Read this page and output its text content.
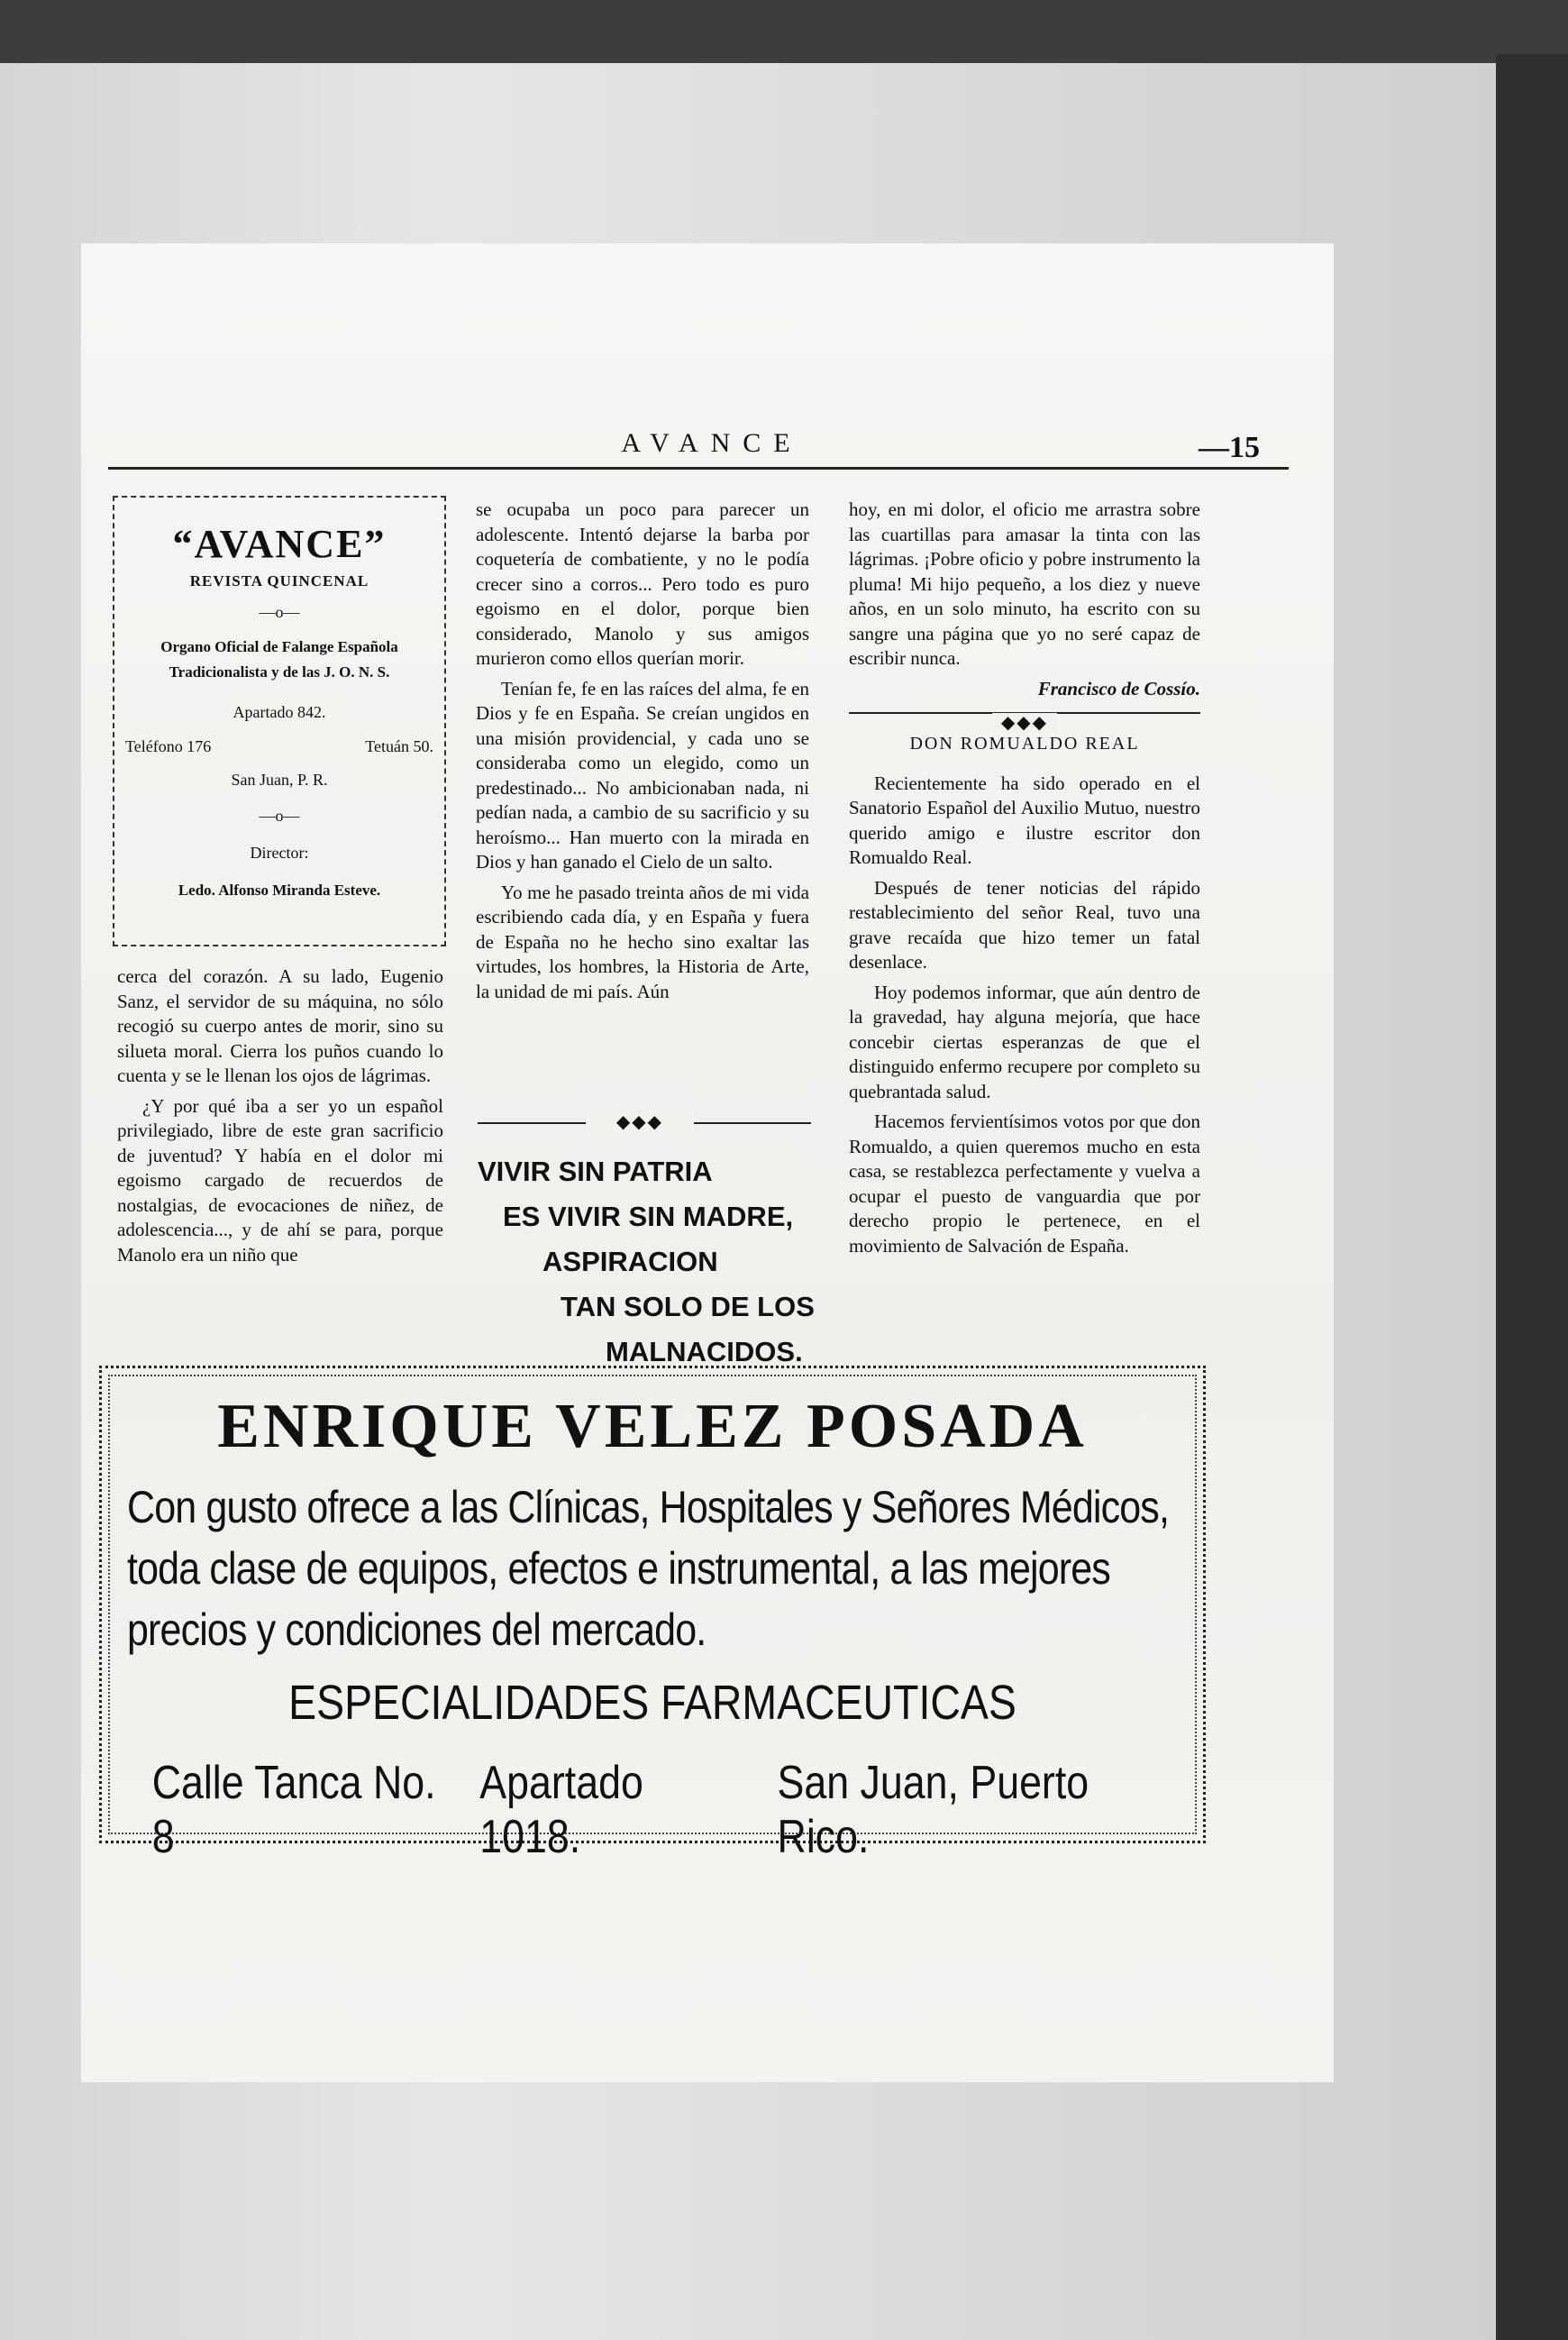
AVANCE	—15
“AVANCE”
REVISTA QUINCENAL
—o—
Organo Oficial de Falange Española
Tradicionalista y de las J. O. N. S.
Apartado 842.
Teléfono 176	Tetuán 50.
San Juan, P. R.
—o—
Director:
Ledo. Alfonso Miranda Esteve.

cerca del corazón. A su lado, Eugenio Sanz, el servidor de su máquina, no sólo recogió su cuerpo antes de morir, sino su silueta moral. Cierra los puños cuando lo cuenta y se le llenan los ojos de lágrimas.

¿Y por qué iba a ser yo un español privilegiado, libre de este gran sacrificio de juventud? Y había en el dolor mi egoismo cargado de recuerdos de nostalgias, de evocaciones de niñez, de adolescencia..., y de ahí se para, porque Manolo era un niño que

se ocupaba un poco para parecer un adolescente. Intentó dejarse la barba por coquetería de combatiente, y no le podía crecer sino a corros... Pero todo es puro egoismo en el dolor, porque bien considerado, Manolo y sus amigos murieron como ellos querían morir.

Tenían fe, fe en las raíces del alma, fe en Dios y fe en España. Se creían ungidos en una misión providencial, y cada uno se consideraba como un elegido, como un predestinado... No ambicionaban nada, ni pedían nada, a cambio de su sacrificio y su heroísmo... Han muerto con la mirada en Dios y han ganado el Cielo de un salto.

Yo me he pasado treinta años de mi vida escribiendo cada día, y en España y fuera de España no he hecho sino exaltar las virtudes, los hombres, la Historia de Arte, la unidad de mi país. Aún

◆◆◆
VIVIR SIN PATRIA
ES VIVIR SIN MADRE,
ASPIRACION
TAN SOLO DE LOS
MALNACIDOS.

hoy, en mi dolor, el oficio me arrastra sobre las cuartillas para amasar la tinta con las lágrimas. ¡Pobre oficio y pobre instrumento la pluma! Mi hijo pequeño, a los diez y nueve años, en un solo minuto, ha escrito con su sangre una página que yo no seré capaz de escribir nunca.

Francisco de Cossío.
◆◆◆
DON ROMUALDO REAL

Recientemente ha sido operado en el Sanatorio Español del Auxilio Mutuo, nuestro querido amigo e ilustre escritor don Romualdo Real.

Después de tener noticias del rápido restablecimiento del señor Real, tuvo una grave recaída que hizo temer un fatal desenlace.

Hoy podemos informar, que aún dentro de la gravedad, hay alguna mejoría, que hace concebir ciertas esperanzas de que el distinguido enfermo recupere por completo su quebrantada salud.

Hacemos fervientísimos votos por que don Romualdo, a quien queremos mucho en esta casa, se restablezca perfectamente y vuelva a ocupar el puesto de vanguardia que por derecho propio le pertenece, en el movimiento de Salvación de España.

ENRIQUE VELEZ POSADA
Con gusto ofrece a las Clínicas, Hospitales y Señores Médicos, toda clase de equipos, efectos e instrumental, a las mejores precios y condiciones del mercado.
ESPECIALIDADES FARMACEUTICAS
Calle Tanca No. 8
Apartado 1018.
San Juan, Puerto Rico.
